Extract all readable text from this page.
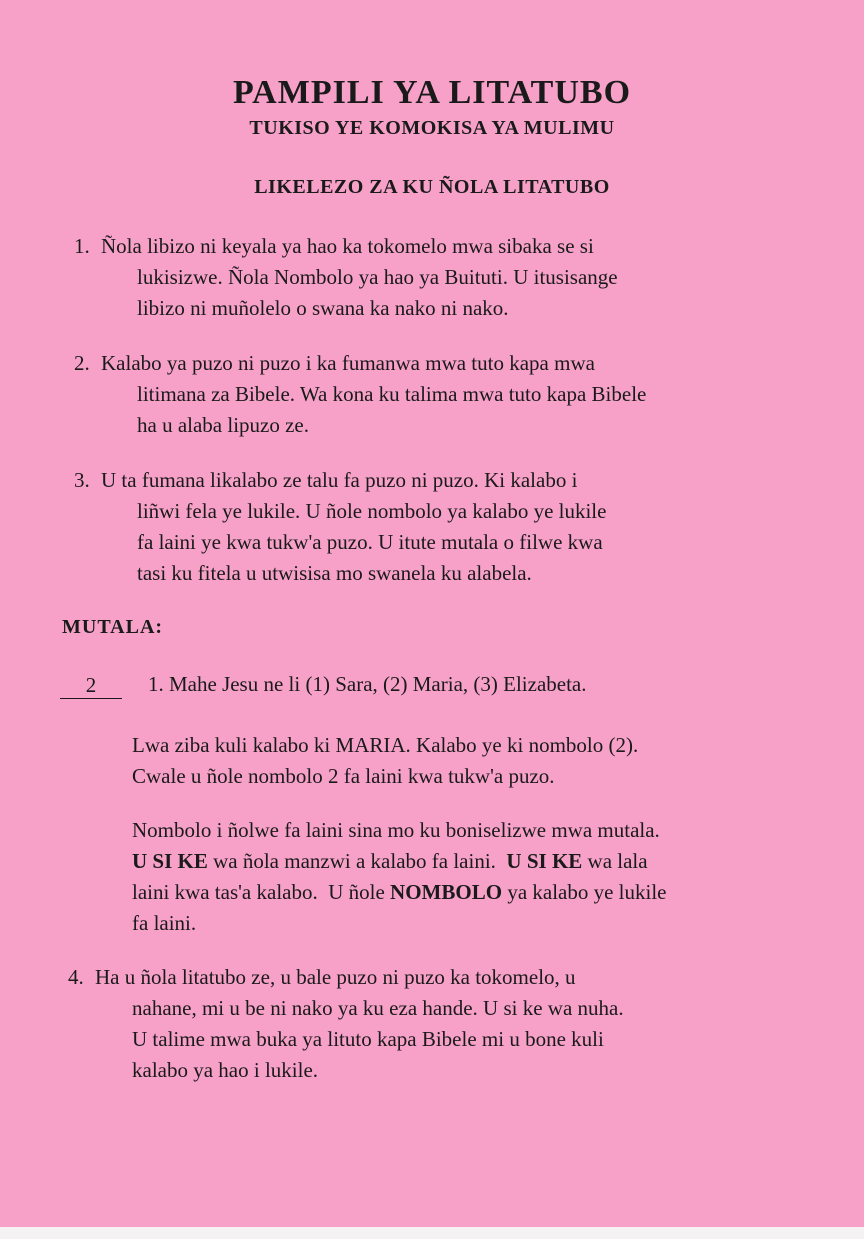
PAMPILI YA LITATUBO
TUKISO YE KOMOKISA YA MULIMU
LIKELEZO ZA KU ÑOLA LITATUBO
1. Ñola libizo ni keyala ya hao ka tokomelo mwa sibaka se si
lukisizwe. Ñola Nombolo ya hao ya Buituti. U itusisange
libizo ni muñolelo o swana ka nako ni nako.
2. Kalabo ya puzo ni puzo i ka fumanwa mwa tuto kapa mwa
litimana za Bibele. Wa kona ku talima mwa tuto kapa Bibele
ha u alaba lipuzo ze.
3. U ta fumana likalabo ze talu fa puzo ni puzo. Ki kalabo i
liñwi fela ye lukile. U ñole nombolo ya kalabo ye lukile
fa laini ye kwa tukw'a puzo. U itute mutala o filwe kwa
tasi ku fitela u utwisisa mo swanela ku alabela.
MUTALA:
2	1. Mahe Jesu ne li (1) Sara, (2) Maria, (3) Elizabeta.
Lwa ziba kuli kalabo ki MARIA. Kalabo ye ki nombolo (2).
Cwale u ñole nombolo 2 fa laini kwa tukw'a puzo.
Nombolo i ñolwe fa laini sina mo ku boniselizwe mwa mutala.
U SI KE wa ñola manzwi a kalabo fa laini.  U SI KE wa lala
laini kwa tas'a kalabo.  U ñole NOMBOLO ya kalabo ye lukile
fa laini.
4. Ha u ñola litatubo ze, u bale puzo ni puzo ka tokomelo, u
nahane, mi u be ni nako ya ku eza hande. U si ke wa nuha.
U talime mwa buka ya lituto kapa Bibele mi u bone kuli
kalabo ya hao i lukile.
